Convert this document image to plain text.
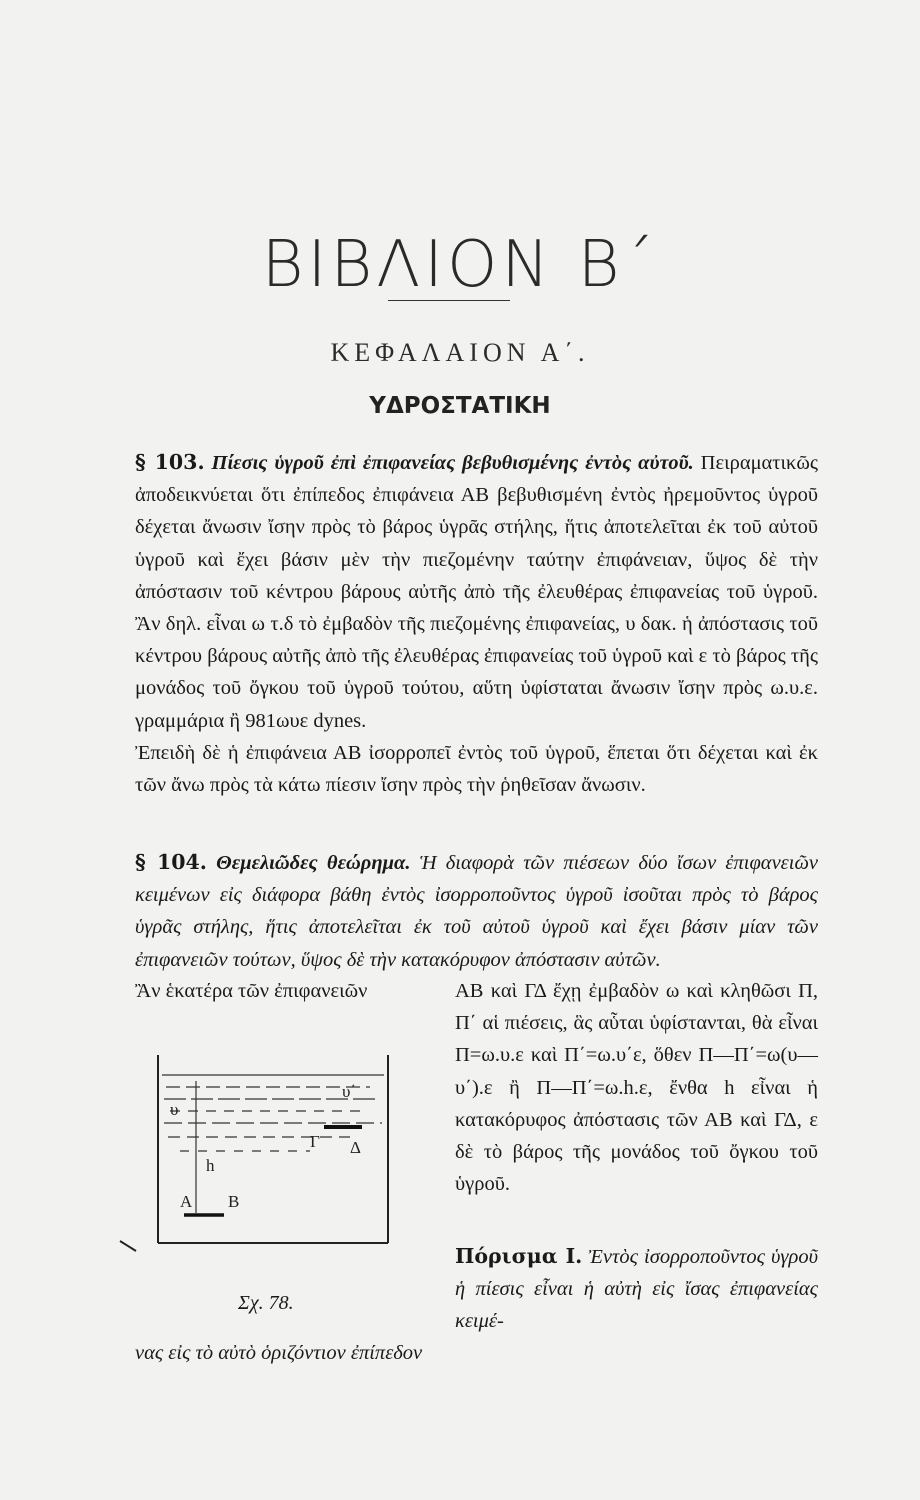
ΒΙΒΛΙΟΝ Β΄
ΚΕΦΑΛΑΙΟΝ Α΄.
ΥΔΡΟΣΤΑΤΙΚΗ

§ 103. Πίεσις ὑγροῦ ἐπὶ ἐπιφανείας βεβυθισμένης ἐντὸς αὐτοῦ. Πειραματικῶς ἀποδεικνύεται ὅτι ἐπίπεδος ἐπιφάνεια ΑΒ βεβυθισμένη ἐντὸς ἠρεμοῦντος ὑγροῦ δέχεται ἄνωσιν ἴσην πρὸς τὸ βάρος ὑγρᾶς στήλης, ἥτις ἀποτελεῖται ἐκ τοῦ αὐτοῦ ὑγροῦ καὶ ἔχει βάσιν μὲν τὴν πιεζομένην ταύτην ἐπιφάνειαν, ὕψος δὲ τὴν ἀπόστασιν τοῦ κέντρου βάρους αὐτῆς ἀπὸ τῆς ἐλευθέρας ἐπιφανείας τοῦ ὑγροῦ. Ἂν δηλ. εἶναι ω τ.δ τὸ ἐμβαδὸν τῆς πιεζομένης ἐπιφανείας, υ δακ. ἡ ἀπόστασις τοῦ κέντρου βάρους αὐτῆς ἀπὸ τῆς ἐλευθέρας ἐπιφανείας τοῦ ὑγροῦ καὶ ε τὸ βάρος τῆς μονάδος τοῦ ὄγκου τοῦ ὑγροῦ τούτου, αὕτη ὑφίσταται ἄνωσιν ἴσην πρὸς ω.υ.ε. γραμμάρια ἢ 981ωυε dynes.
Ἐπειδὴ δὲ ἡ ἐπιφάνεια ΑΒ ἰσορροπεῖ ἐντὸς τοῦ ὑγροῦ, ἕπεται ὅτι δέχεται καὶ ἐκ τῶν ἄνω πρὸς τὰ κάτω πίεσιν ἴσην πρὸς τὴν ῥηθεῖσαν ἄνωσιν.

§ 104. Θεμελιῶδες θεώρημα. Ἡ διαφορὰ τῶν πιέσεων δύο ἴσων ἐπιφανειῶν κειμένων εἰς διάφορα βάθη ἐντὸς ἰσορροποῦντος ὑγροῦ ἰσοῦται πρὸς τὸ βάρος ὑγρᾶς στήλης, ἥτις ἀποτελεῖται ἐκ τοῦ αὐτοῦ ὑγροῦ καὶ ἔχει βάσιν μίαν τῶν ἐπιφανειῶν τούτων, ὕψος δὲ τὴν κατακόρυφον ἀπόστασιν αὐτῶν.

Ἂν ἑκατέρα τῶν ἐπιφανειῶν	ΑΒ καὶ ΓΔ ἔχῃ ἐμβαδὸν ω καὶ κληθῶσι Π, Π΄ αἱ πιέσεις, ἃς αὗται ὑφίστανται, θὰ εἶναι Π=ω.υ.ε καὶ Π΄=ω.υ΄ε, ὅθεν Π—Π΄=ω(υ—υ΄).ε ἢ Π—Π΄=ω.h.ε, ἔνθα h εἶναι ἡ κατακόρυφος ἀπόστασις τῶν ΑΒ καὶ ΓΔ, ε δὲ τὸ βάρος τῆς μονάδος τοῦ ὄγκου τοῦ ὑγροῦ.

υ΄
υ
h
Γ Δ
Α Β
Σχ. 78.

Πόρισμα Ι. Ἐντὸς ἰσορροποῦντος ὑγροῦ ἡ πίεσις εἶναι ἡ αὐτὴ εἰς ἴσας ἐπιφανείας κειμέ-

νας εἰς τὸ αὐτὸ ὁριζόντιον ἐπίπεδον
